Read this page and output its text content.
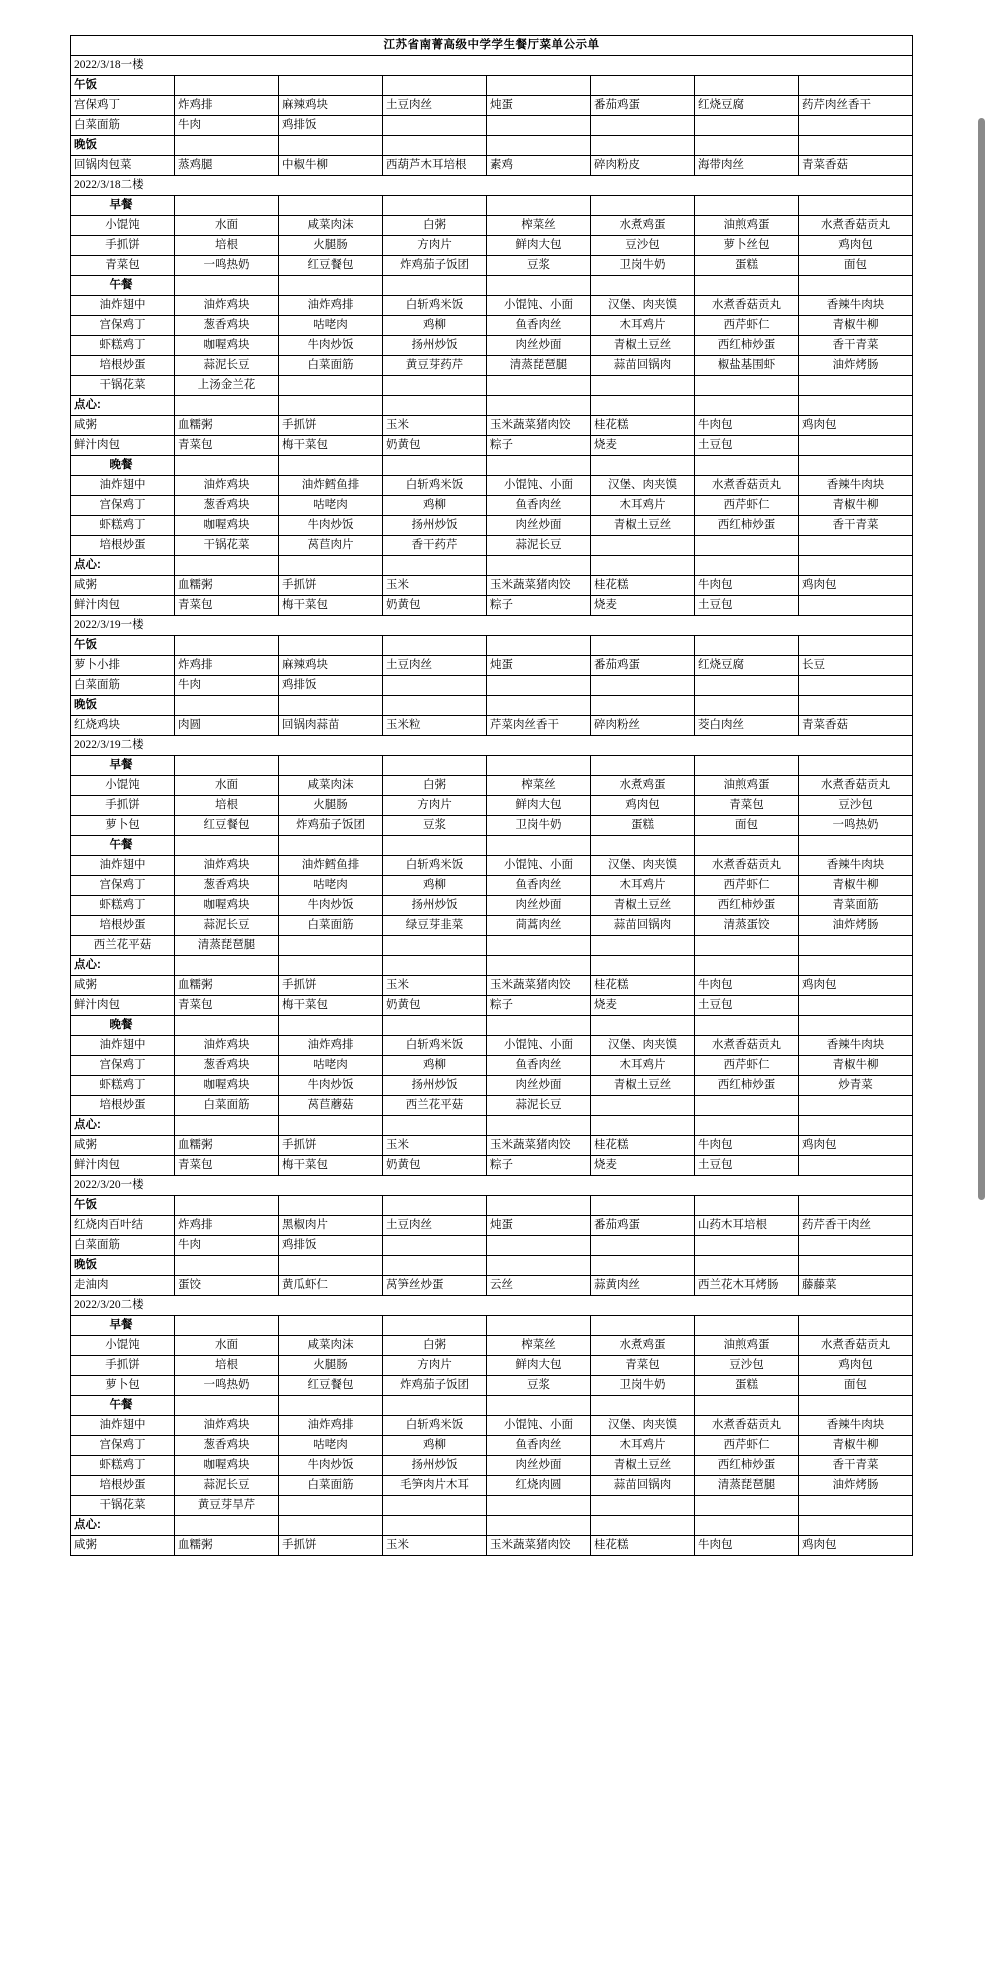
江苏省南菁高级中学学生餐厅菜单公示单							
2022/3/18一楼							
午饭							
宫保鸡丁	炸鸡排	麻辣鸡块	土豆肉丝	炖蛋	番茄鸡蛋	红烧豆腐	药芹肉丝香干
白菜面筋	牛肉	鸡排饭					
晚饭							
回锅肉包菜	蒸鸡腿	中椒牛柳	西葫芦木耳培根	素鸡	碎肉粉皮	海带肉丝	青菜香菇
2022/3/18二楼							
早餐							
小馄饨	水面	咸菜肉沫	白粥	榨菜丝	水煮鸡蛋	油煎鸡蛋	水煮香菇贡丸
手抓饼	培根	火腿肠	方肉片	鲜肉大包	豆沙包	萝卜丝包	鸡肉包
青菜包	一鸣热奶	红豆餐包	炸鸡茄子饭团	豆浆	卫岗牛奶	蛋糕	面包
午餐							
油炸翅中	油炸鸡块	油炸鸡排	白斩鸡米饭	小馄饨、小面	汉堡、肉夹馍	水煮香菇贡丸	香辣牛肉块
宫保鸡丁	葱香鸡块	咕咾肉	鸡柳	鱼香肉丝	木耳鸡片	西芹虾仁	青椒牛柳
虾糕鸡丁	咖喔鸡块	牛肉炒饭	扬州炒饭	肉丝炒面	青椒土豆丝	西红柿炒蛋	香干青菜
培根炒蛋	蒜泥长豆	白菜面筋	黄豆芽药芹	清蒸琵琶腿	蒜苗回锅肉	椒盐基围虾	油炸烤肠
干锅花菜	上汤金兰花						
点心:							
咸粥	血糯粥	手抓饼	玉米	玉米蔬菜猪肉饺	桂花糕	牛肉包	鸡肉包
鲜汁肉包	青菜包	梅干菜包	奶黄包	粽子	烧麦	土豆包	
晚餐							
油炸翅中	油炸鸡块	油炸鳕鱼排	白斩鸡米饭	小馄饨、小面	汉堡、肉夹馍	水煮香菇贡丸	香辣牛肉块
宫保鸡丁	葱香鸡块	咕咾肉	鸡柳	鱼香肉丝	木耳鸡片	西芹虾仁	青椒牛柳
虾糕鸡丁	咖喔鸡块	牛肉炒饭	扬州炒饭	肉丝炒面	青椒土豆丝	西红柿炒蛋	香干青菜
培根炒蛋	干锅花菜	莴苣肉片	香干药芹	蒜泥长豆			
点心:							
咸粥	血糯粥	手抓饼	玉米	玉米蔬菜猪肉饺	桂花糕	牛肉包	鸡肉包
鲜汁肉包	青菜包	梅干菜包	奶黄包	粽子	烧麦	土豆包	
2022/3/19一楼							
午饭							
萝卜小排	炸鸡排	麻辣鸡块	土豆肉丝	炖蛋	番茄鸡蛋	红烧豆腐	长豆
白菜面筋	牛肉	鸡排饭					
晚饭							
红烧鸡块	肉圆	回锅肉蒜苗	玉米粒	芹菜肉丝香干	碎肉粉丝	茭白肉丝	青菜香菇
2022/3/19二楼							
早餐							
小馄饨	水面	咸菜肉沫	白粥	榨菜丝	水煮鸡蛋	油煎鸡蛋	水煮香菇贡丸
手抓饼	培根	火腿肠	方肉片	鲜肉大包	鸡肉包	青菜包	豆沙包
萝卜包	红豆餐包	炸鸡茄子饭团	豆浆	卫岗牛奶	蛋糕	面包	一鸣热奶
午餐							
油炸翅中	油炸鸡块	油炸鳕鱼排	白斩鸡米饭	小馄饨、小面	汉堡、肉夹馍	水煮香菇贡丸	香辣牛肉块
宫保鸡丁	葱香鸡块	咕咾肉	鸡柳	鱼香肉丝	木耳鸡片	西芹虾仁	青椒牛柳
虾糕鸡丁	咖喔鸡块	牛肉炒饭	扬州炒饭	肉丝炒面	青椒土豆丝	西红柿炒蛋	青菜面筋
培根炒蛋	蒜泥长豆	白菜面筋	绿豆芽韭菜	茼蒿肉丝	蒜苗回锅肉	清蒸蛋饺	油炸烤肠
西兰花平菇	清蒸琵琶腿						
点心:							
咸粥	血糯粥	手抓饼	玉米	玉米蔬菜猪肉饺	桂花糕	牛肉包	鸡肉包
鲜汁肉包	青菜包	梅干菜包	奶黄包	粽子	烧麦	土豆包	
晚餐							
油炸翅中	油炸鸡块	油炸鸡排	白斩鸡米饭	小馄饨、小面	汉堡、肉夹馍	水煮香菇贡丸	香辣牛肉块
宫保鸡丁	葱香鸡块	咕咾肉	鸡柳	鱼香肉丝	木耳鸡片	西芹虾仁	青椒牛柳
虾糕鸡丁	咖喔鸡块	牛肉炒饭	扬州炒饭	肉丝炒面	青椒土豆丝	西红柿炒蛋	炒青菜
培根炒蛋	白菜面筋	莴苣蘑菇	西兰花平菇	蒜泥长豆			
点心:							
咸粥	血糯粥	手抓饼	玉米	玉米蔬菜猪肉饺	桂花糕	牛肉包	鸡肉包
鲜汁肉包	青菜包	梅干菜包	奶黄包	粽子	烧麦	土豆包	
2022/3/20一楼							
午饭							
红烧肉百叶结	炸鸡排	黑椒肉片	土豆肉丝	炖蛋	番茄鸡蛋	山药木耳培根	药芹香干肉丝
白菜面筋	牛肉	鸡排饭					
晚饭							
走油肉	蛋饺	黄瓜虾仁	莴笋丝炒蛋	云丝	蒜黄肉丝	西兰花木耳烤肠	藤藤菜
2022/3/20二楼							
早餐							
小馄饨	水面	咸菜肉沫	白粥	榨菜丝	水煮鸡蛋	油煎鸡蛋	水煮香菇贡丸
手抓饼	培根	火腿肠	方肉片	鲜肉大包	青菜包	豆沙包	鸡肉包
萝卜包	一鸣热奶	红豆餐包	炸鸡茄子饭团	豆浆	卫岗牛奶	蛋糕	面包
午餐							
油炸翅中	油炸鸡块	油炸鸡排	白斩鸡米饭	小馄饨、小面	汉堡、肉夹馍	水煮香菇贡丸	香辣牛肉块
宫保鸡丁	葱香鸡块	咕咾肉	鸡柳	鱼香肉丝	木耳鸡片	西芹虾仁	青椒牛柳
虾糕鸡丁	咖喔鸡块	牛肉炒饭	扬州炒饭	肉丝炒面	青椒土豆丝	西红柿炒蛋	香干青菜
培根炒蛋	蒜泥长豆	白菜面筋	毛笋肉片木耳	红烧肉圆	蒜苗回锅肉	清蒸琵琶腿	油炸烤肠
干锅花菜	黄豆芽旱芹						
点心:							
咸粥	血糯粥	手抓饼	玉米	玉米蔬菜猪肉饺	桂花糕	牛肉包	鸡肉包
